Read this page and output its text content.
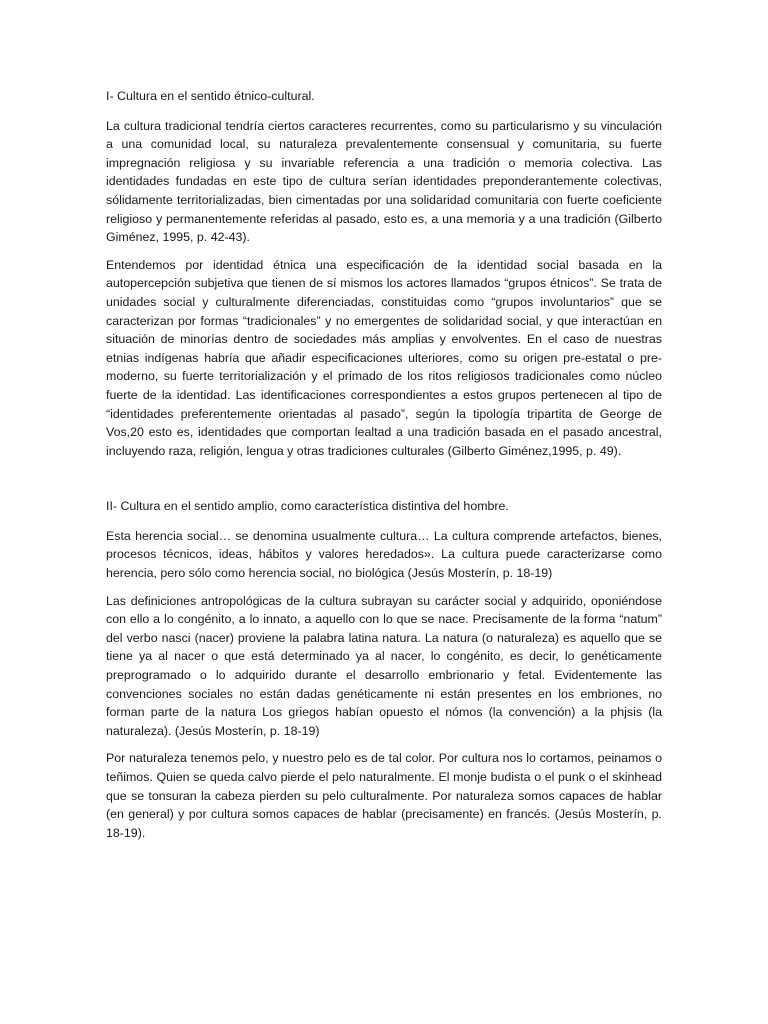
I- Cultura en el sentido étnico-cultural.

La cultura tradicional tendría ciertos caracteres recurrentes, como su particularismo y su vinculación a una comunidad local, su naturaleza prevalentemente consensual y comunitaria, su fuerte impregnación religiosa y su invariable referencia a una tradición o memoria colectiva. Las identidades fundadas en este tipo de cultura serían identidades preponderantemente colectivas, sólidamente territorializadas, bien cimentadas por una solidaridad comunitaria con fuerte coeficiente religioso y permanentemente referidas al pasado, esto es, a una memoria y a una tradición (Gilberto Giménez, 1995, p. 42-43).

Entendemos por identidad étnica una especificación de la identidad social basada en la autopercepción subjetiva que tienen de sí mismos los actores llamados “grupos étnicos”. Se trata de unidades social y culturalmente diferenciadas, constituidas como “grupos involuntarios” que se caracterizan por formas “tradicionales” y no emergentes de solidaridad social, y que interactúan en situación de minorías dentro de sociedades más amplias y envolventes. En el caso de nuestras etnias indígenas habría que añadir especificaciones ulteriores, como su origen pre-estatal o pre-moderno, su fuerte territorialización y el primado de los ritos religiosos tradicionales como núcleo fuerte de la identidad. Las identificaciones correspondientes a estos grupos pertenecen al tipo de “identidades preferentemente orientadas al pasado”, según la tipología tripartita de George de Vos,20 esto es, identidades que comportan lealtad a una tradición basada en el pasado ancestral, incluyendo raza, religión, lengua y otras tradiciones culturales (Gilberto Giménez,1995, p. 49).

II- Cultura en el sentido amplio, como característica distintiva del hombre.

Esta herencia social… se denomina usualmente cultura… La cultura comprende artefactos, bienes, procesos técnicos, ideas, hábitos y valores heredados». La cultura puede caracterizarse como herencia, pero sólo como herencia social, no biológica (Jesús Mosterín, p. 18-19)

Las definiciones antropológicas de la cultura subrayan su carácter social y adquirido, oponiéndose con ello a lo congénito, a lo innato, a aquello con lo que se nace. Precisamente de la forma “natum” del verbo nasci (nacer) proviene la palabra latina natura. La natura (o naturaleza) es aquello que se tiene ya al nacer o que está determinado ya al nacer, lo congénito, es decir, lo genéticamente preprogramado o lo adquirido durante el desarrollo embrionario y fetal. Evidentemente las convenciones sociales no están dadas genéticamente ni están presentes en los embriones, no forman parte de la natura Los griegos habían opuesto el nómos (la convención) a la phjsis (la naturaleza). (Jesús Mosterín, p. 18-19)

Por naturaleza tenemos pelo, y nuestro pelo es de tal color. Por cultura nos lo cortamos, peinamos o teñimos. Quien se queda calvo pierde el pelo naturalmente. El monje budista o el punk o el skinhead que se tonsuran la cabeza pierden su pelo culturalmente. Por naturaleza somos capaces de hablar (en general) y por cultura somos capaces de hablar (precisamente) en francés. (Jesús Mosterín, p. 18-19).
